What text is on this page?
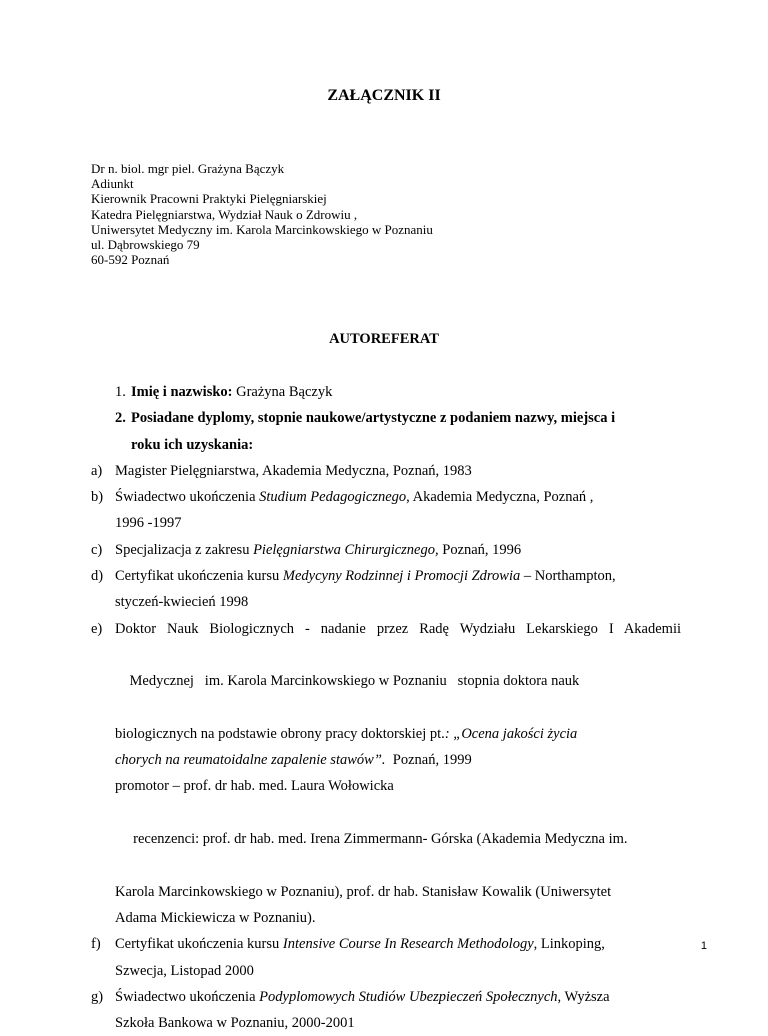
ZAŁĄCZNIK II
Dr n. biol. mgr piel. Grażyna Bączyk
Adiunkt
Kierownik Pracowni Praktyki Pielęgniarskiej
Katedra Pielęgniarstwa, Wydział Nauk o Zdrowiu ,
Uniwersytet Medyczny im. Karola Marcinkowskiego w Poznaniu
ul. Dąbrowskiego 79
60-592 Poznań
AUTOREFERAT
1. Imię i nazwisko: Grażyna Bączyk
2. Posiadane dyplomy, stopnie naukowe/artystyczne z podaniem nazwy, miejsca i
roku ich uzyskania:
a) Magister Pielęgniarstwa, Akademia Medyczna, Poznań, 1983
b) Świadectwo ukończenia Studium Pedagogicznego, Akademia Medyczna, Poznań ,
1996 -1997
c) Specjalizacja z zakresu Pielęgniarstwa Chirurgicznego, Poznań, 1996
d) Certyfikat ukończenia kursu Medycyny Rodzinnej i Promocji Zdrowia – Northampton,
styczeń-kwiecień 1998
e) Doktor Nauk Biologicznych - nadanie przez Radę Wydziału Lekarskiego I Akademii

Medycznej   im. Karola Marcinkowskiego w Poznaniu   stopnia doktora nauk

biologicznych na podstawie obrony pracy doktorskiej pt.: „Ocena jakości życia
chorych na reumatoidalne zapalenie stawów”.  Poznań, 1999
promotor – prof. dr hab. med. Laura Wołowicka

recenzenci: prof. dr hab. med. Irena Zimmermann- Górska (Akademia Medyczna im.

Karola Marcinkowskiego w Poznaniu), prof. dr hab. Stanisław Kowalik (Uniwersytet
Adama Mickiewicza w Poznaniu).
f) Certyfikat ukończenia kursu Intensive Course In Research Methodology, Linkoping,
Szwecja, Listopad 2000
g) Świadectwo ukończenia Podyplomowych Studiów Ubezpieczeń Społecznych, Wyższa
Szkoła Bankowa w Poznaniu, 2000-2001
1
